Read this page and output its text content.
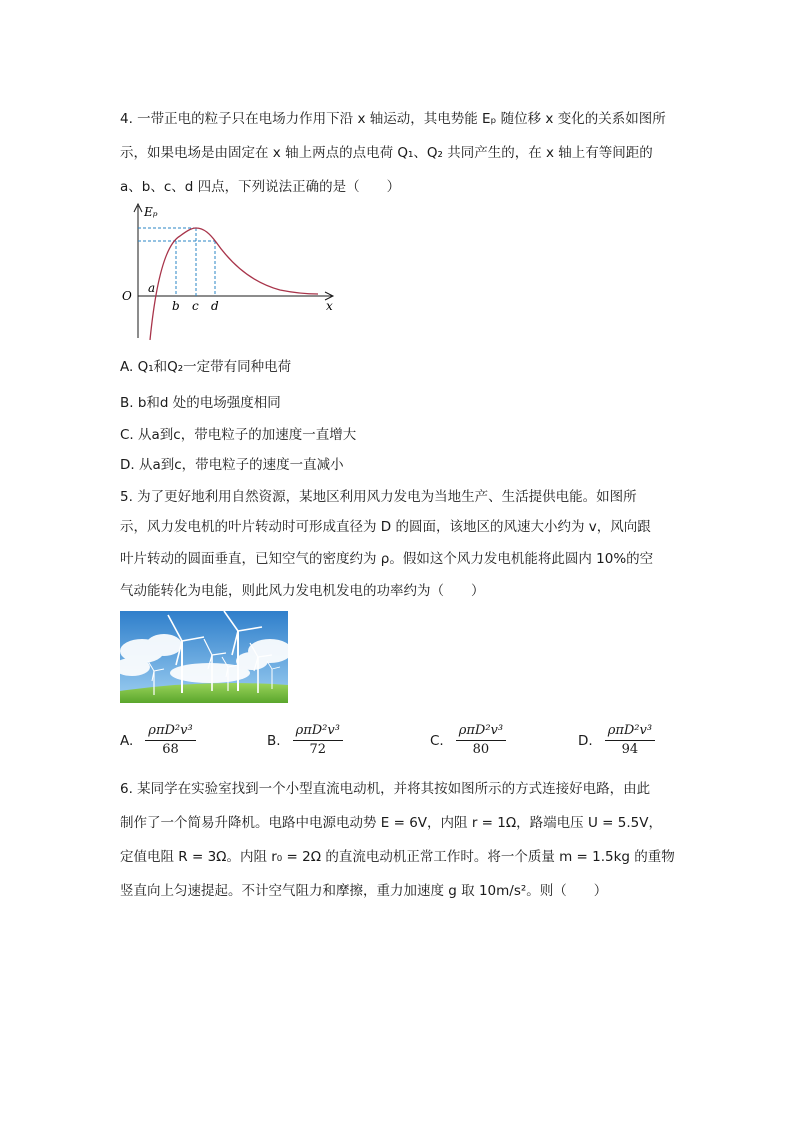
4. 一带正电的粒子只在电场力作用下沿 x 轴运动，其电势能 Eₚ 随位移 x 变化的关系如图所
示，如果电场是由固定在 x 轴上两点的点电荷 Q₁、Q₂ 共同产生的，在 x 轴上有等间距的
a、b、c、d 四点，下列说法正确的是（　　）
Eₚ
x
O
a
b c d
A. Q₁和Q₂一定带有同种电荷
B. b和d 处的电场强度相同
C. 从a到c，带电粒子的加速度一直增大
D. 从a到c，带电粒子的速度一直减小
5. 为了更好地利用自然资源，某地区利用风力发电为当地生产、生活提供电能。如图所
示，风力发电机的叶片转动时可形成直径为 D 的圆面，该地区的风速大小约为 v，风向跟
叶片转动的圆面垂直，已知空气的密度约为 ρ。假如这个风力发电机能将此圆内 10%的空
气动能转化为电能，则此风力发电机发电的功率约为（　　）
A. $\frac{\text{ρπD²v³}}{68}$	B. $\frac{\text{ρπD²v³}}{72}$	C. $\frac{\text{ρπD²v³}}{80}$	D. $\frac{\text{ρπD²v³}}{94}$
6. 某同学在实验室找到一个小型直流电动机，并将其按如图所示的方式连接好电路，由此
制作了一个简易升降机。电路中电源电动势 E = 6V，内阻 r = 1Ω，路端电压 U = 5.5V，
定值电阻 R = 3Ω。内阻 r₀ = 2Ω 的直流电动机正常工作时。将一个质量 m = 1.5kg 的重物
竖直向上匀速提起。不计空气阻力和摩擦，重力加速度 g 取 10m/s²。则（　　）
